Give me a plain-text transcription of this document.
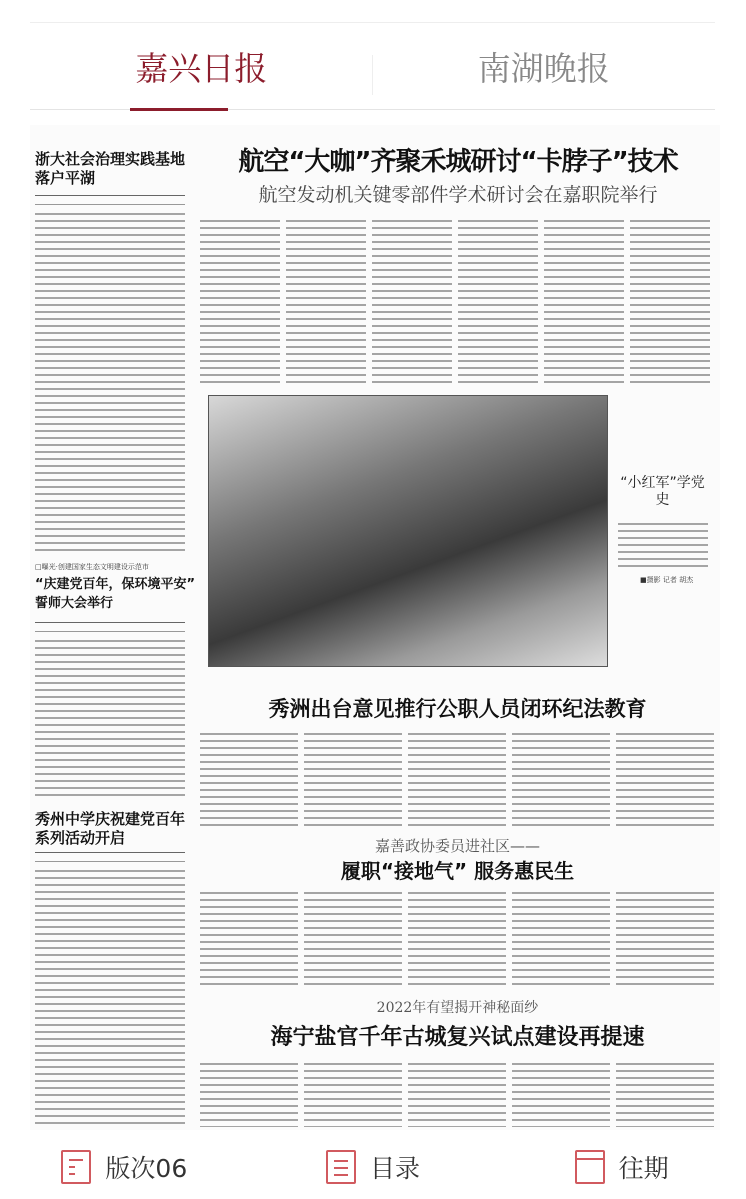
嘉兴日报	南湖晚报
浙大社会治理实践基地落户平湖
□曝光·创建国家生态文明建设示范市
“庆建党百年，保环境平安”
誓师大会举行
秀州中学庆祝建党百年系列活动开启
航空“大咖”齐聚禾城研讨“卡脖子”技术
航空发动机关键零部件学术研讨会在嘉职院举行
“小红军”学党史
■摄影 记者 胡杰
秀洲出台意见推行公职人员闭环纪法教育
嘉善政协委员进社区——
履职“接地气” 服务惠民生
2022年有望揭开神秘面纱
海宁盐官千年古城复兴试点建设再提速
版次06	目录	往期
